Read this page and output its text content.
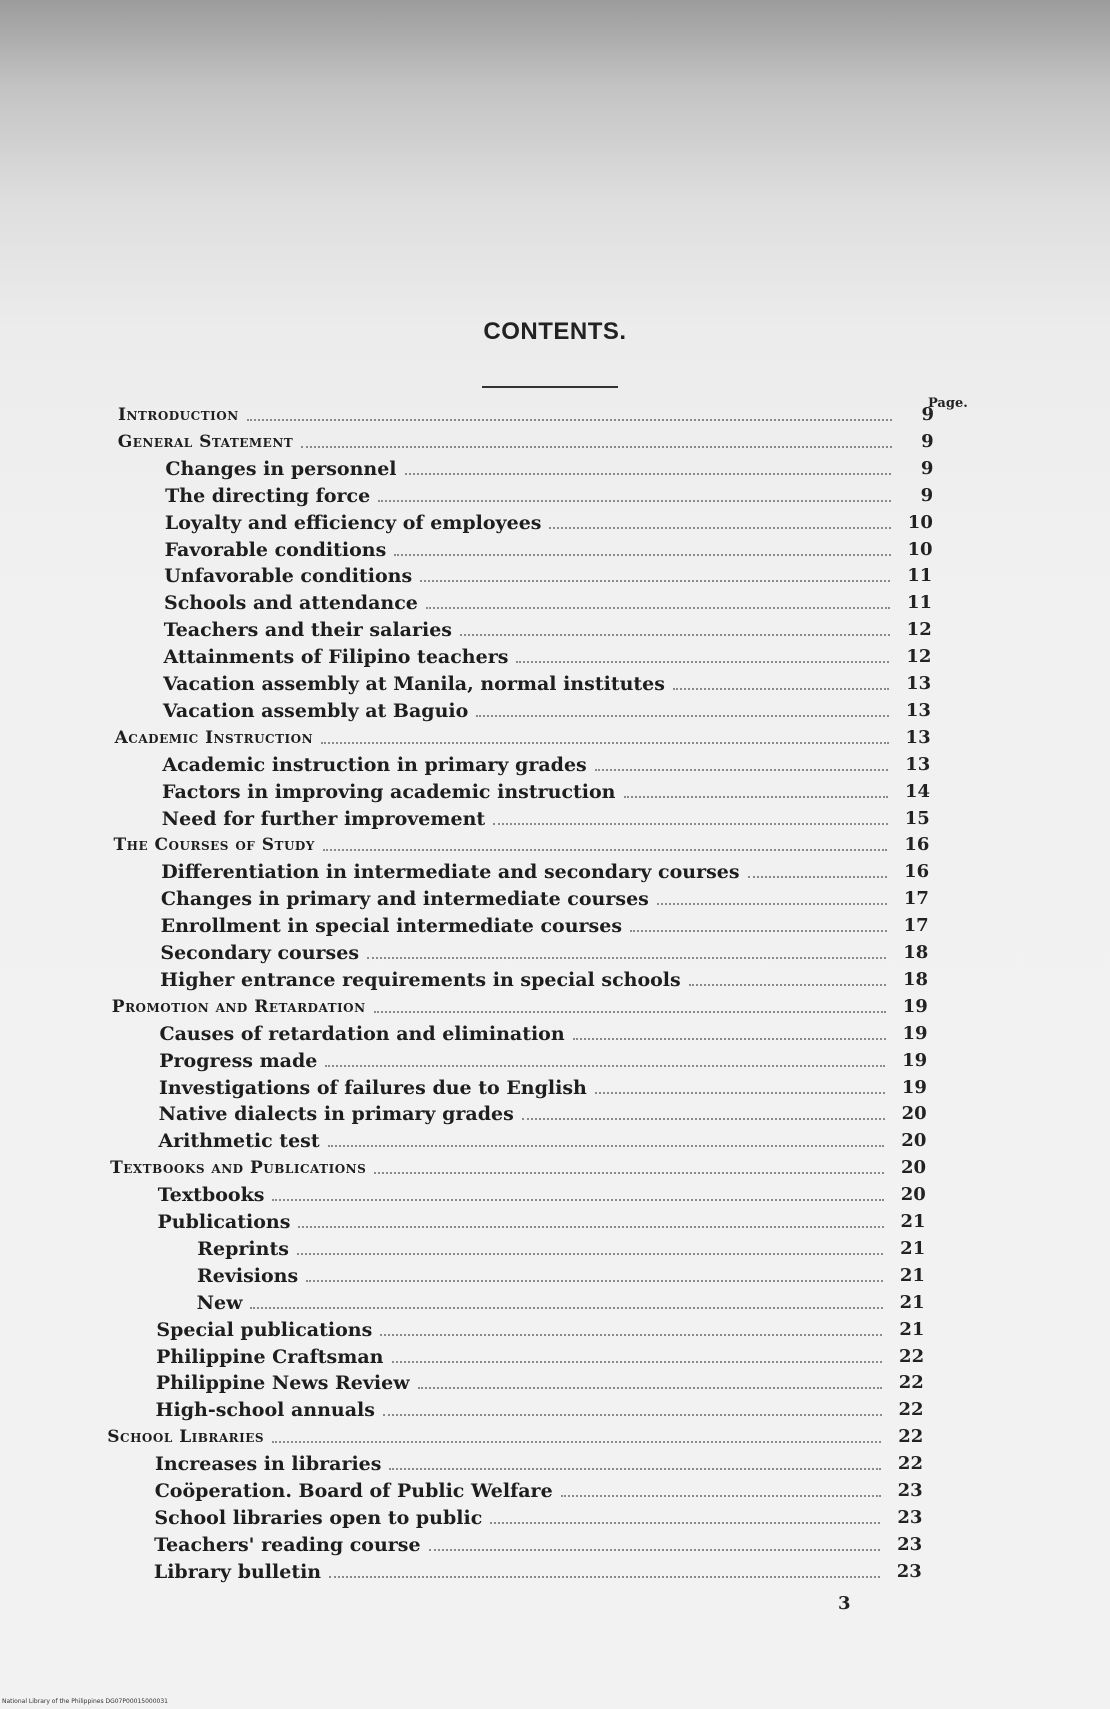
CONTENTS.
Page.
Introduction	9
General Statement	9
Changes in personnel	9
The directing force	9
Loyalty and efficiency of employees	10
Favorable conditions	10
Unfavorable conditions	11
Schools and attendance	11
Teachers and their salaries	12
Attainments of Filipino teachers	12
Vacation assembly at Manila, normal institutes	13
Vacation assembly at Baguio	13
Academic Instruction	13
Academic instruction in primary grades	13
Factors in improving academic instruction	14
Need for further improvement	15
The Courses of Study	16
Differentiation in intermediate and secondary courses	16
Changes in primary and intermediate courses	17
Enrollment in special intermediate courses	17
Secondary courses	18
Higher entrance requirements in special schools	18
Promotion and Retardation	19
Causes of retardation and elimination	19
Progress made	19
Investigations of failures due to English	19
Native dialects in primary grades	20
Arithmetic test	20
Textbooks and Publications	20
Textbooks	20
Publications	21
Reprints	21
Revisions	21
New	21
Special publications	21
Philippine Craftsman	22
Philippine News Review	22
High-school annuals	22
School Libraries	22
Increases in libraries	22
Coöperation. Board of Public Welfare	23
School libraries open to public	23
Teachers' reading course	23
Library bulletin	23
3
National Library of the Philippines DG07P00015000031
